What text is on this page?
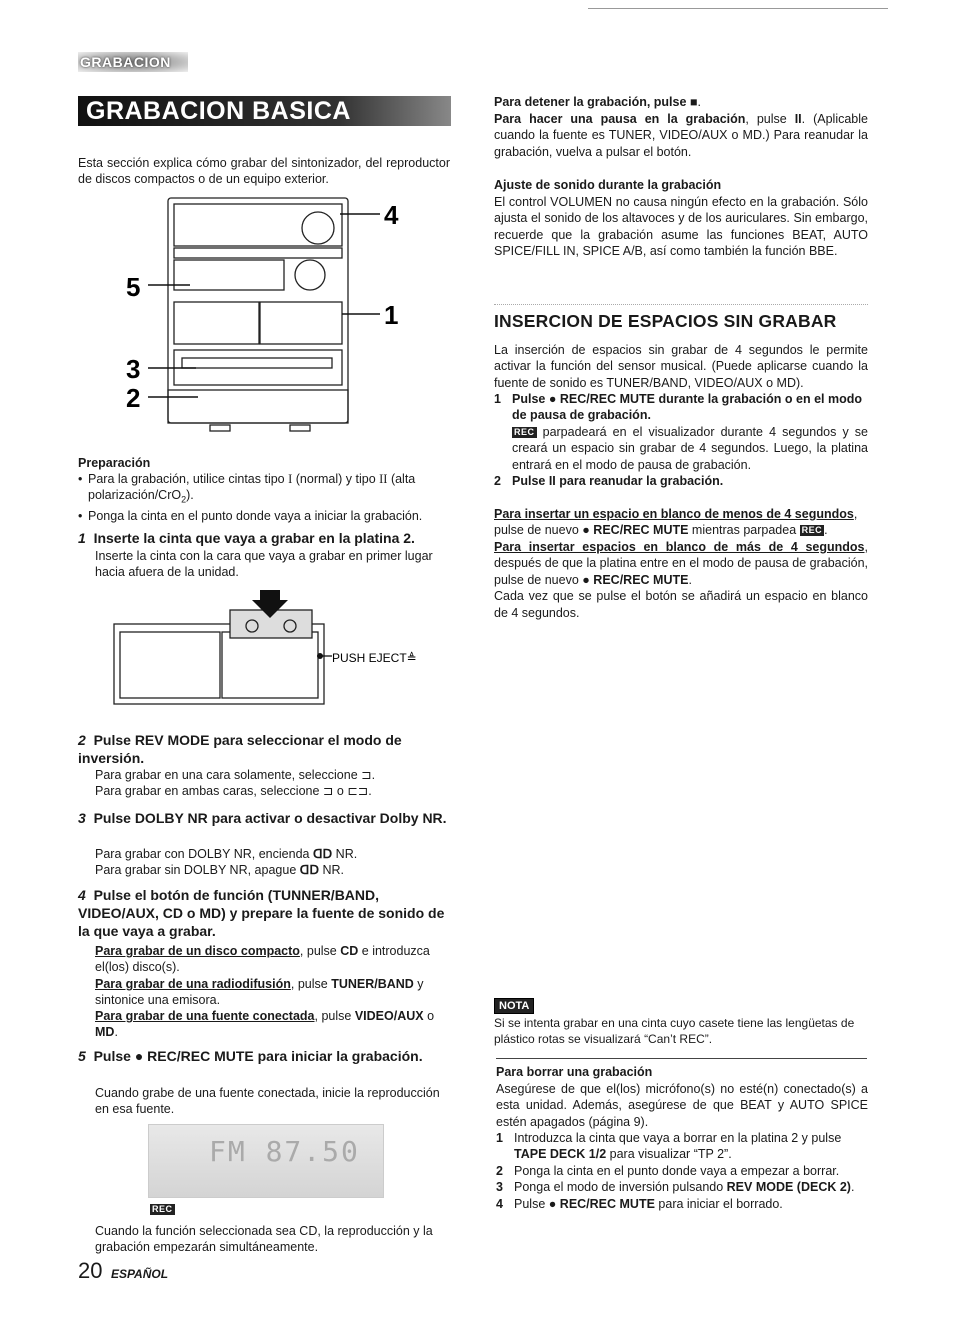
GRABACION
GRABACION BASICA
Esta sección explica cómo grabar del sintonizador, del reproductor de discos compactos o de un equipo exterior.
4
5
1
3
2
Preparación
• Para la grabación, utilice cintas tipo I (normal) y tipo II (alta polarización/CrO$_2$).
• Ponga la cinta en el punto donde vaya a iniciar la grabación.
1 Inserte la cinta que vaya a grabar en la platina 2.
Inserte la cinta con la cara que vaya a grabar en primer lugar hacia afuera de la unidad.
PUSH EJECT≜
2 Pulse REV MODE para seleccionar el modo de inversión.
Para grabar en una cara solamente, seleccione ⊐.
Para grabar en ambas caras, seleccione ⊐ o ⊏⊐.
3 Pulse DOLBY NR para activar o desactivar Dolby NR.
Para grabar con DOLBY NR, encienda ᗡᗞ NR.
Para grabar sin DOLBY NR, apague ᗡᗞ NR.
4 Pulse el botón de función (TUNNER/BAND, VIDEO/AUX, CD o MD) y prepare la fuente de sonido de la que vaya a grabar.
Para grabar de un disco compacto, pulse CD e introduzca el(los) disco(s).
Para grabar de una radiodifusión, pulse TUNER/BAND y sintonice una emisora.
Para grabar de una fuente conectada, pulse VIDEO/AUX o MD.
5 Pulse ● REC/REC MUTE para iniciar la grabación.
Cuando grabe de una fuente conectada, inicie la reproducción en esa fuente.
FM 87.50
REC
Cuando la función seleccionada sea CD, la reproducción y la grabación empezarán simultáneamente.
20 ESPAÑOL
Para detener la grabación, pulse ■.
Para hacer una pausa en la grabación, pulse II. (Aplicable cuando la fuente es TUNER, VIDEO/AUX o MD.) Para reanudar la grabación, vuelva a pulsar el botón.
Ajuste de sonido durante la grabación
El control VOLUMEN no causa ningún efecto en la grabación. Sólo ajusta el sonido de los altavoces y de los auriculares. Sin embargo, recuerde que la grabación asume las funciones BEAT, AUTO SPICE/FILL IN, SPICE A/B, así como también la función BBE.
INSERCION DE ESPACIOS SIN GRABAR
La inserción de espacios sin grabar de 4 segundos le permite activar la función del sensor musical. (Puede aplicarse cuando la fuente de sonido es TUNER/BAND, VIDEO/AUX o MD).
1 Pulse ● REC/REC MUTE durante la grabación o en el modo de pausa de grabación.
REC parpadeará en el visualizador durante 4 segundos y se creará un espacio sin grabar de 4 segundos. Luego, la platina entrará en el modo de pausa de grabación.
2 Pulse II para reanudar la grabación.
Para insertar un espacio en blanco de menos de 4 segundos, pulse de nuevo ● REC/REC MUTE mientras parpadea REC .
Para insertar espacios en blanco de más de 4 segundos, después de que la platina entre en el modo de pausa de grabación, pulse de nuevo ● REC/REC MUTE.
Cada vez que se pulse el botón se añadirá un espacio en blanco de 4 segundos.
NOTA
Si se intenta grabar en una cinta cuyo casete tiene las lengüetas de plástico rotas se visualizará “Can’t REC”.
Para borrar una grabación
Asegúrese de que el(los) micrófono(s) no esté(n) conectado(s) a esta unidad. Además, asegúrese de que BEAT y AUTO SPICE estén apagados (página 9).
1 Introduzca la cinta que vaya a borrar en la platina 2 y pulse TAPE DECK 1/2 para visualizar “TP 2”.
2 Ponga la cinta en el punto donde vaya a empezar a borrar.
3 Ponga el modo de inversión pulsando REV MODE (DECK 2).
4 Pulse ● REC/REC MUTE para iniciar el borrado.
